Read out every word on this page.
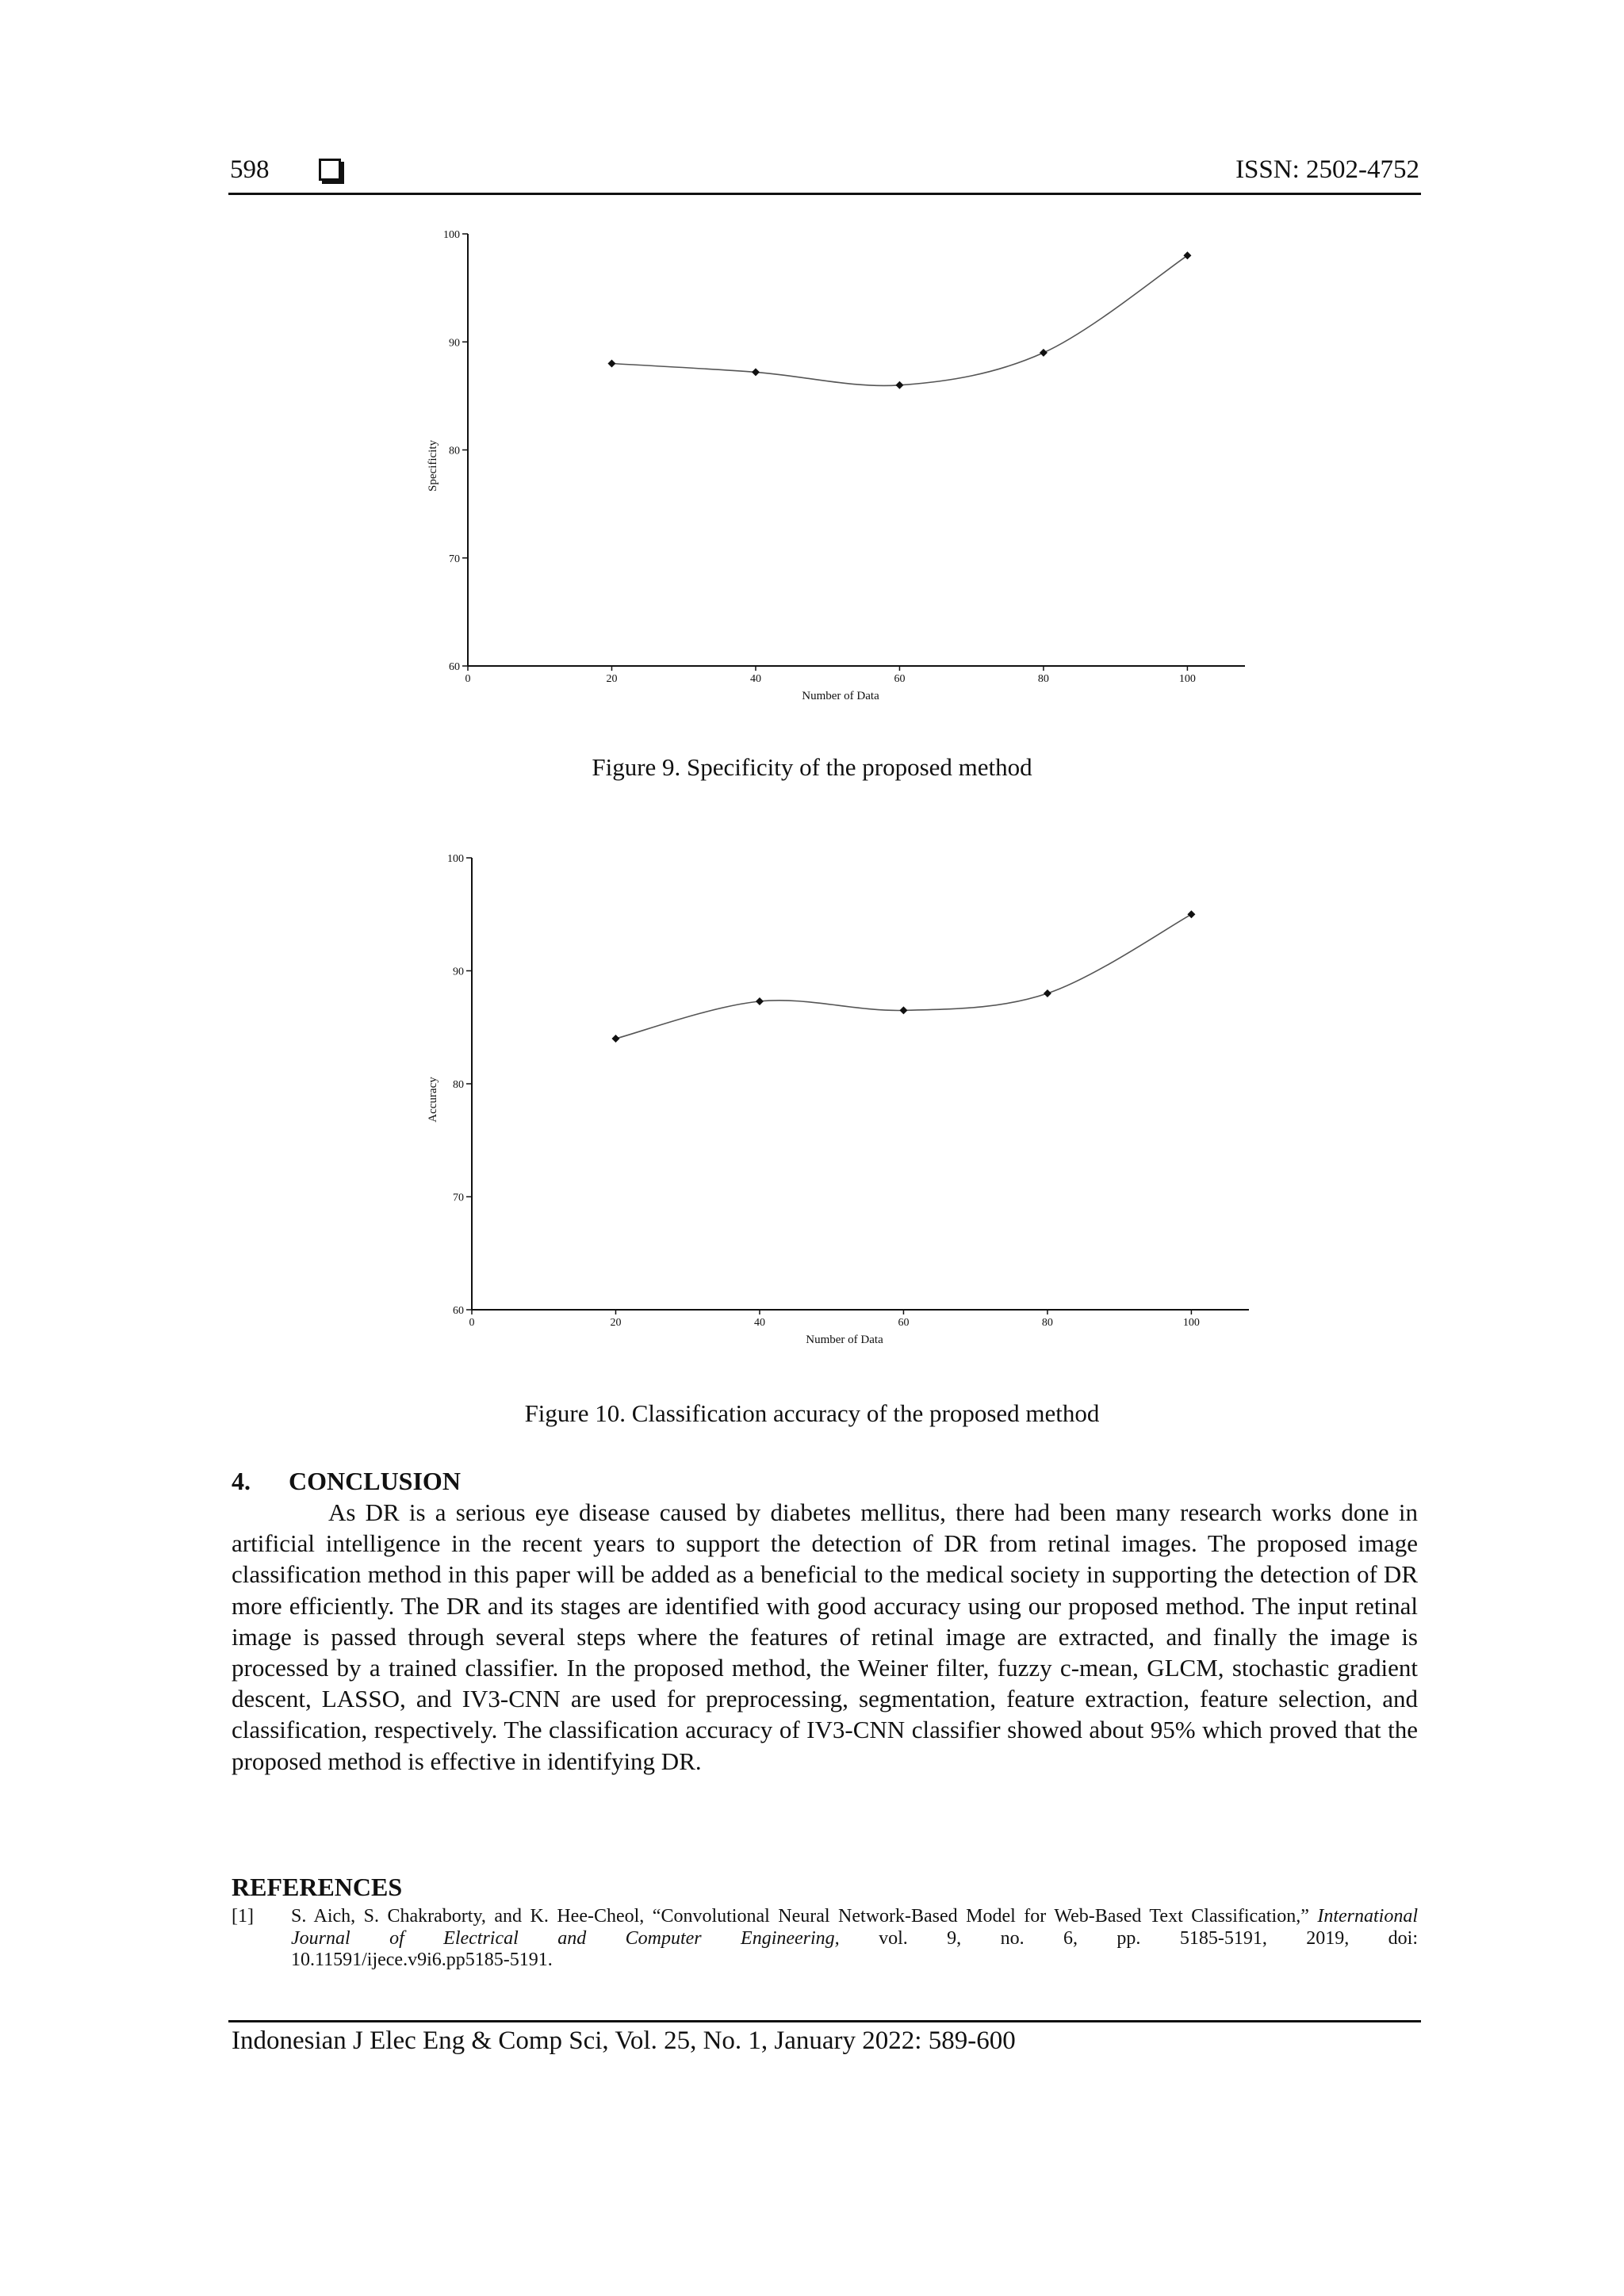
598	ISSN: 2502-4752
60
70
80
90
100
0	20	40	60	80	100
Number of Data
Specificity
Figure 9. Specificity of the proposed method
60
70
80
90
100
0	20	40	60	80	100
Number of Data
Accuracy
Figure 10. Classification accuracy of the proposed method
4. CONCLUSION

As DR is a serious eye disease caused by diabetes mellitus, there had been many research works done in artificial intelligence in the recent years to support the detection of DR from retinal images. The proposed image classification method in this paper will be added as a beneficial to the medical society in supporting the detection of DR more efficiently. The DR and its stages are identified with good accuracy using our proposed method. The input retinal image is passed through several steps where the features of retinal image are extracted, and finally the image is processed by a trained classifier. In the proposed method, the Weiner filter, fuzzy c-mean, GLCM, stochastic gradient descent, LASSO, and IV3-CNN are used for preprocessing, segmentation, feature extraction, feature selection, and classification, respectively. The classification accuracy of IV3-CNN classifier showed about 95% which proved that the proposed method is effective in identifying DR.

REFERENCES
[1] S. Aich, S. Chakraborty, and K. Hee-Cheol, “Convolutional Neural Network-Based Model for Web-Based Text Classification,” International Journal of Electrical and Computer Engineering, vol. 9, no. 6, pp. 5185-5191, 2019, doi:
10.11591/ijece.v9i6.pp5185-5191.
Indonesian J Elec Eng & Comp Sci, Vol. 25, No. 1, January 2022: 589-600
